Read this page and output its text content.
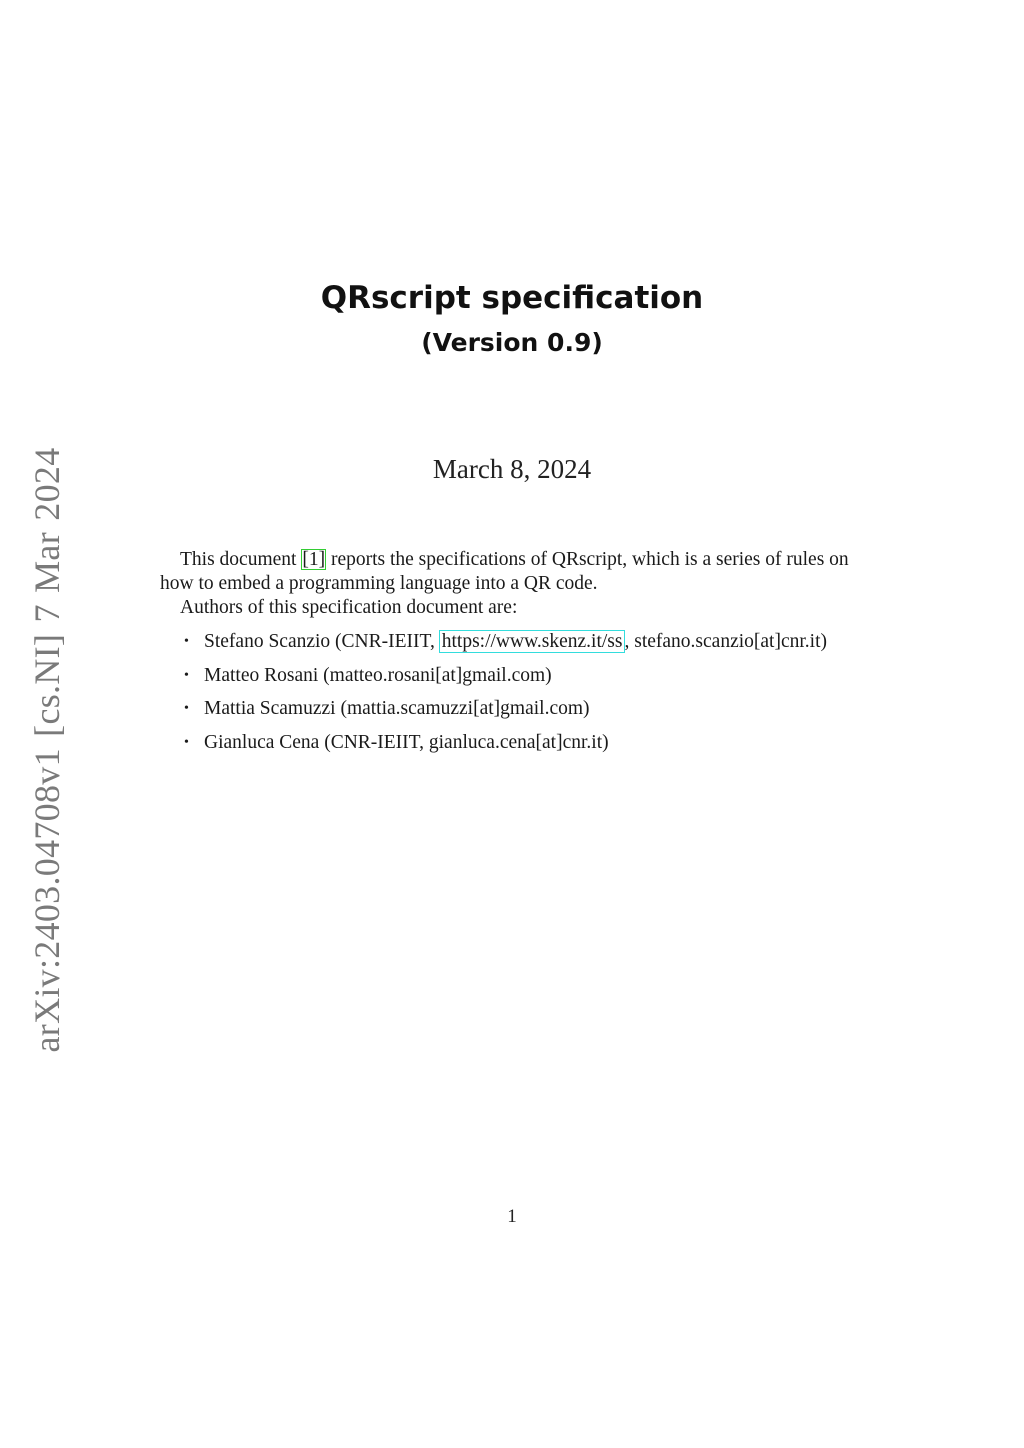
arXiv:2403.04708v1 [cs.NI] 7 Mar 2024
QRscript specification
(Version 0.9)
March 8, 2024

This document [1] reports the specifications of QRscript, which is a series of rules on how to embed a programming language into a QR code.

Authors of this specification document are:

• Stefano Scanzio (CNR-IEIIT, https://www.skenz.it/ss , stefano.scanzio[at]cnr.it)
• Matteo Rosani (matteo.rosani[at]gmail.com)
• Mattia Scamuzzi (mattia.scamuzzi[at]gmail.com)
• Gianluca Cena (CNR-IEIIT, gianluca.cena[at]cnr.it)
1
